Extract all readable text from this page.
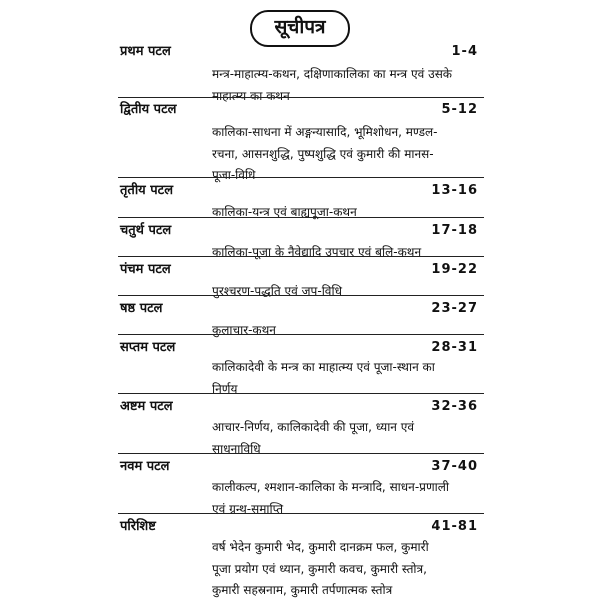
सूचीपत्र
प्रथम पटल	1-4
मन्त्र-माहात्म्य-कथन, दक्षिणाकालिका का मन्त्र एवं उसके
माहात्म्य का कथन
द्वितीय पटल	5-12
कालिका-साधना में अङ्गन्यासादि, भूमिशोधन, मण्डल-
रचना, आसनशुद्धि, पुष्पशुद्धि एवं कुमारी की मानस-
पूजा-विधि
तृतीय पटल	13-16
कालिका-यन्त्र एवं बाह्यपूजा-कथन
चतुर्थ पटल	17-18
कालिका-पूजा के नैवेद्यादि उपचार एवं बलि-कथन
पंचम पटल	19-22
पुरश्चरण-पद्धति एवं जप-विधि
षष्ठ पटल	23-27
कुलाचार-कथन
सप्तम पटल	28-31
कालिकादेवी के मन्त्र का माहात्म्य एवं पूजा-स्थान का
निर्णय
अष्टम पटल	32-36
आचार-निर्णय, कालिकादेवी की पूजा, ध्यान एवं
साधनाविधि
नवम पटल	37-40
कालीकल्प, श्मशान-कालिका के मन्त्रादि, साधन-प्रणाली
एवं ग्रन्थ-समाप्ति
परिशिष्ट	41-81
वर्ष भेदेन कुमारी भेद, कुमारी दानक्रम फल, कुमारी
पूजा प्रयोग एवं ध्यान, कुमारी कवच, कुमारी स्तोत्र,
कुमारी सहस्रनाम, कुमारी तर्पणात्मक स्तोत्र
